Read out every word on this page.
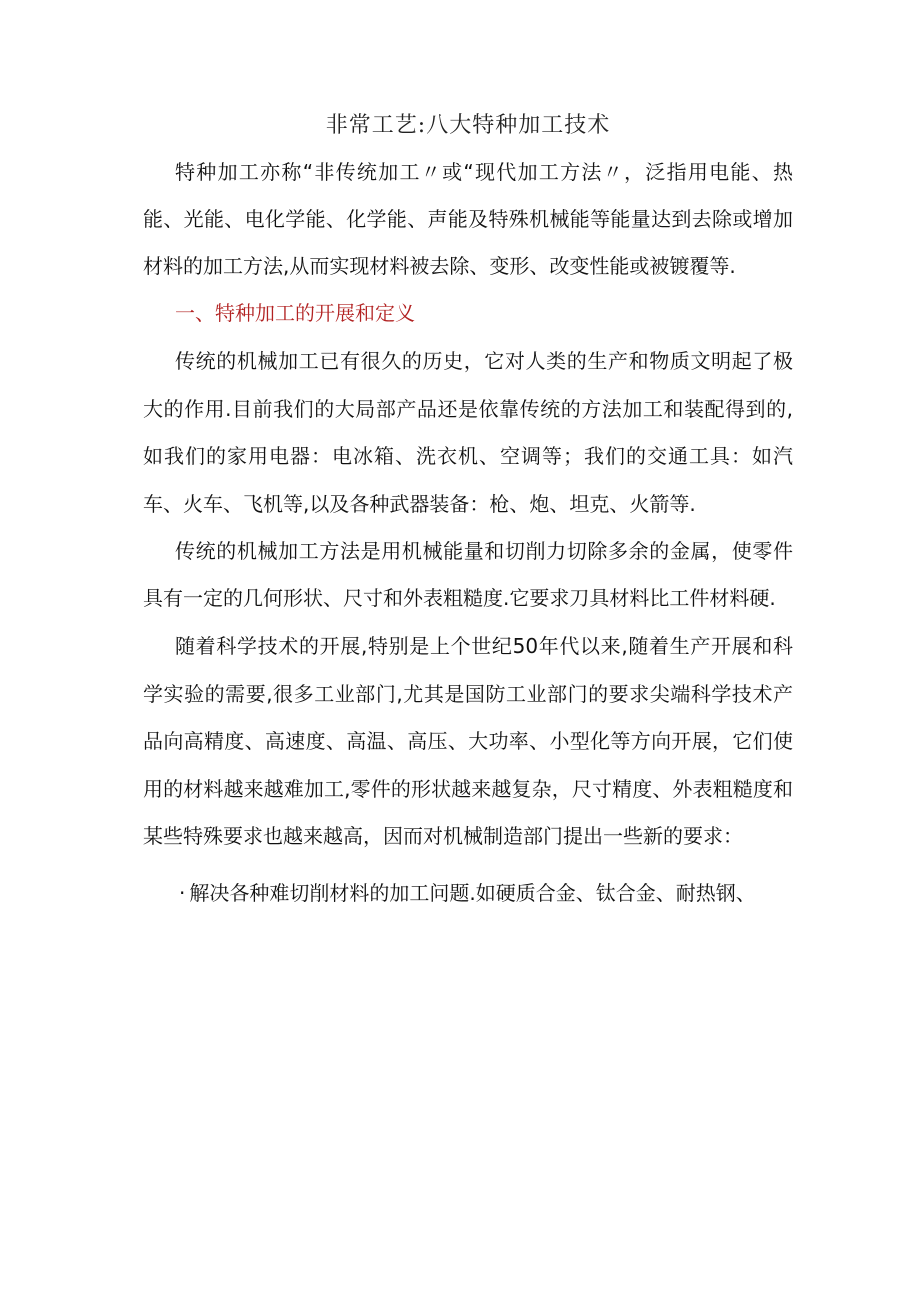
非常工艺:八大特种加工技术

特种加工亦称“非传统加工〃或“现代加工方法〃，泛指用电能、热能、光能、电化学能、化学能、声能及特殊机械能等能量达到去除或增加材料的加工方法,从而实现材料被去除、变形、改变性能或被镀覆等.

一、特种加工的开展和定义

传统的机械加工已有很久的历史，它对人类的生产和物质文明起了极大的作用.目前我们的大局部产品还是依靠传统的方法加工和装配得到的,如我们的家用电器：电冰箱、洗衣机、空调等；我们的交通工具：如汽车、火车、飞机等,以及各种武器装备：枪、炮、坦克、火箭等.

传统的机械加工方法是用机械能量和切削力切除多余的金属，使零件具有一定的几何形状、尺寸和外表粗糙度.它要求刀具材料比工件材料硬.

随着科学技术的开展,特别是上个世纪50年代以来,随着生产开展和科学实验的需要,很多工业部门,尤其是国防工业部门的要求尖端科学技术产品向高精度、高速度、高温、高压、大功率、小型化等方向开展，它们使用的材料越来越难加工,零件的形状越来越复杂，尺寸精度、外表粗糙度和某些特殊要求也越来越高，因而对机械制造部门提出一些新的要求：

· 解决各种难切削材料的加工问题.如硬质合金、钛合金、耐热钢、
